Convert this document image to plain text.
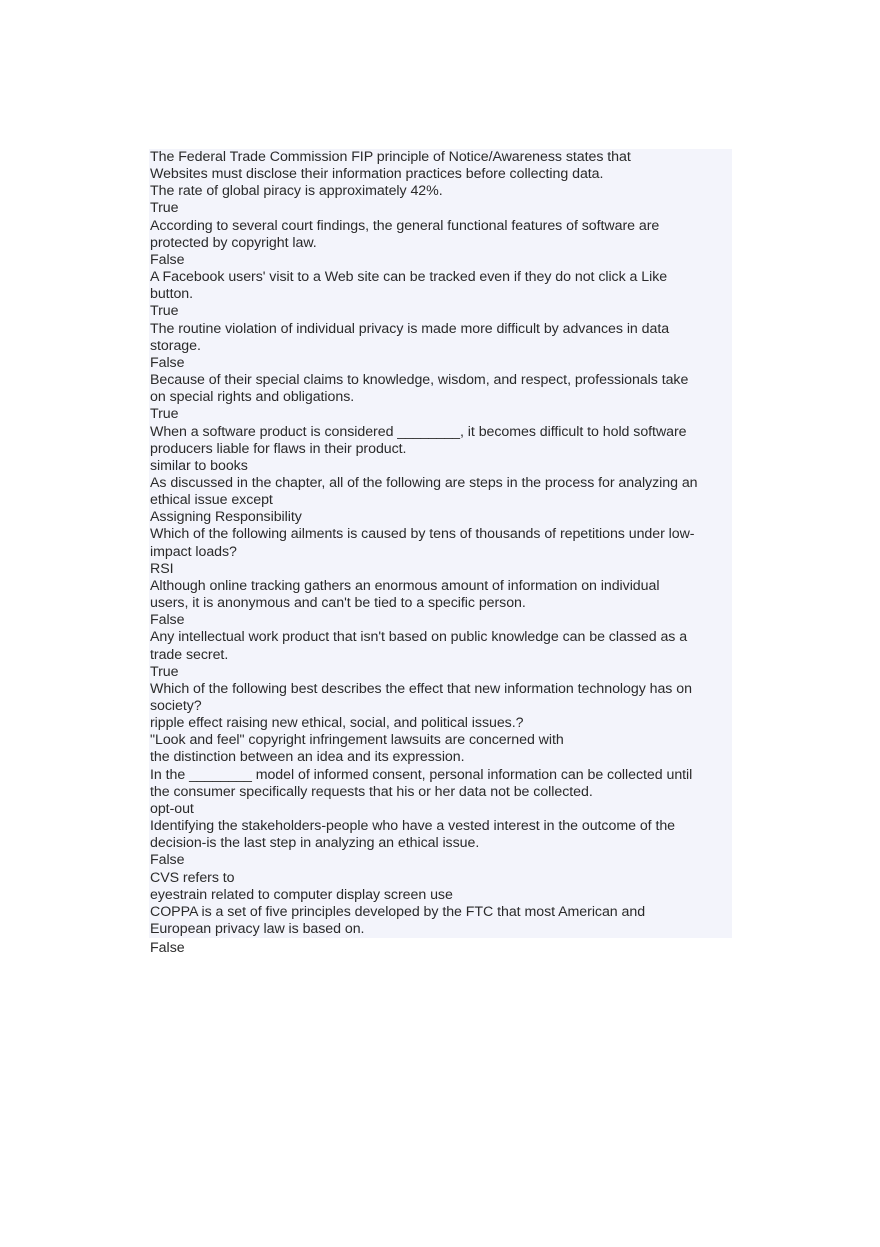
The Federal Trade Commission FIP principle of Notice/Awareness states that
Websites must disclose their information practices before collecting data.
The rate of global piracy is approximately 42%.
True
According to several court findings, the general functional features of software are
protected by copyright law.
False
A Facebook users' visit to a Web site can be tracked even if they do not click a Like
button.
True
The routine violation of individual privacy is made more difficult by advances in data
storage.
False
Because of their special claims to knowledge, wisdom, and respect, professionals take
on special rights and obligations.
True
When a software product is considered ________, it becomes difficult to hold software
producers liable for flaws in their product.
similar to books
As discussed in the chapter, all of the following are steps in the process for analyzing an
ethical issue except
Assigning Responsibility
Which of the following ailments is caused by tens of thousands of repetitions under low-
impact loads?
RSI
Although online tracking gathers an enormous amount of information on individual
users, it is anonymous and can't be tied to a specific person.
False
Any intellectual work product that isn't based on public knowledge can be classed as a
trade secret.
True
Which of the following best describes the effect that new information technology has on
society?
ripple effect raising new ethical, social, and political issues.?
"Look and feel" copyright infringement lawsuits are concerned with
the distinction between an idea and its expression.
In the ________ model of informed consent, personal information can be collected until
the consumer specifically requests that his or her data not be collected.
opt-out
Identifying the stakeholders-people who have a vested interest in the outcome of the
decision-is the last step in analyzing an ethical issue.
False
CVS refers to
eyestrain related to computer display screen use
COPPA is a set of five principles developed by the FTC that most American and
European privacy law is based on.
False
